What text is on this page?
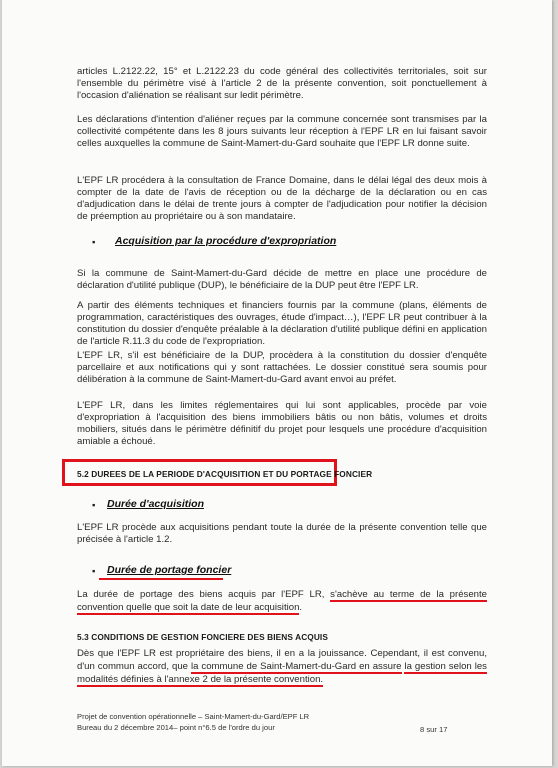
articles L.2122.22, 15° et L.2122.23 du code général des collectivités territoriales, soit sur l'ensemble du périmètre visé à l'article 2 de la présente convention, soit ponctuellement à l'occasion d'aliénation se réalisant sur ledit périmètre.

Les déclarations d'intention d'aliéner reçues par la commune concernée sont transmises par la collectivité compétente dans les 8 jours suivants leur réception à l'EPF LR en lui faisant savoir celles auxquelles la commune de Saint-Mamert-du-Gard souhaite que l'EPF LR donne suite.

L'EPF LR procédera à la consultation de France Domaine, dans le délai légal des deux mois à compter de la date de l'avis de réception ou de la décharge de la déclaration ou en cas d'adjudication dans le délai de trente jours à compter de l'adjudication pour notifier la décision de préemption au propriétaire ou à son mandataire.

▪ Acquisition par la procédure d'expropriation

Si la commune de Saint-Mamert-du-Gard décide de mettre en place une procédure de déclaration d'utilité publique (DUP), le bénéficiaire de la DUP peut être l'EPF LR.

A partir des éléments techniques et financiers fournis par la commune (plans, éléments de programmation, caractéristiques des ouvrages, étude d'impact…), l'EPF LR peut contribuer à la constitution du dossier d'enquête préalable à la déclaration d'utilité publique défini en application de l'article R.11.3 du code de l'expropriation.

L'EPF LR, s'il est bénéficiaire de la DUP, procèdera à la constitution du dossier d'enquête parcellaire et aux notifications qui y sont rattachées. Le dossier constitué sera soumis pour délibération à la commune de Saint-Mamert-du-Gard avant envoi au préfet.

L'EPF LR, dans les limites réglementaires qui lui sont applicables, procède par voie d'expropriation à l'acquisition des biens immobiliers bâtis ou non bâtis, volumes et droits mobiliers, situés dans le périmètre définitif du projet pour lesquels une procédure d'acquisition amiable a échoué.

5.2 DUREES DE LA PERIODE D'ACQUISITION ET DU PORTAGE FONCIER
▪ Durée d'acquisition

L'EPF LR procède aux acquisitions pendant toute la durée de la présente convention telle que précisée à l'article 1.2.

▪ Durée de portage foncier

La durée de portage des biens acquis par l'EPF LR, s'achève au terme de la présente convention quelle que soit la date de leur acquisition.

5.3 CONDITIONS DE GESTION FONCIERE DES BIENS ACQUIS

Dès que l'EPF LR est propriétaire des biens, il en a la jouissance. Cependant, il est convenu, d'un commun accord, que la commune de Saint-Mamert-du-Gard en assure la gestion selon les modalités définies à l'annexe 2 de la présente convention.

Projet de convention opérationnelle – Saint-Mamert-du-Gard/EPF LR
Bureau du 2 décembre 2014– point n°6.5 de l'ordre du jour	8 sur 17
